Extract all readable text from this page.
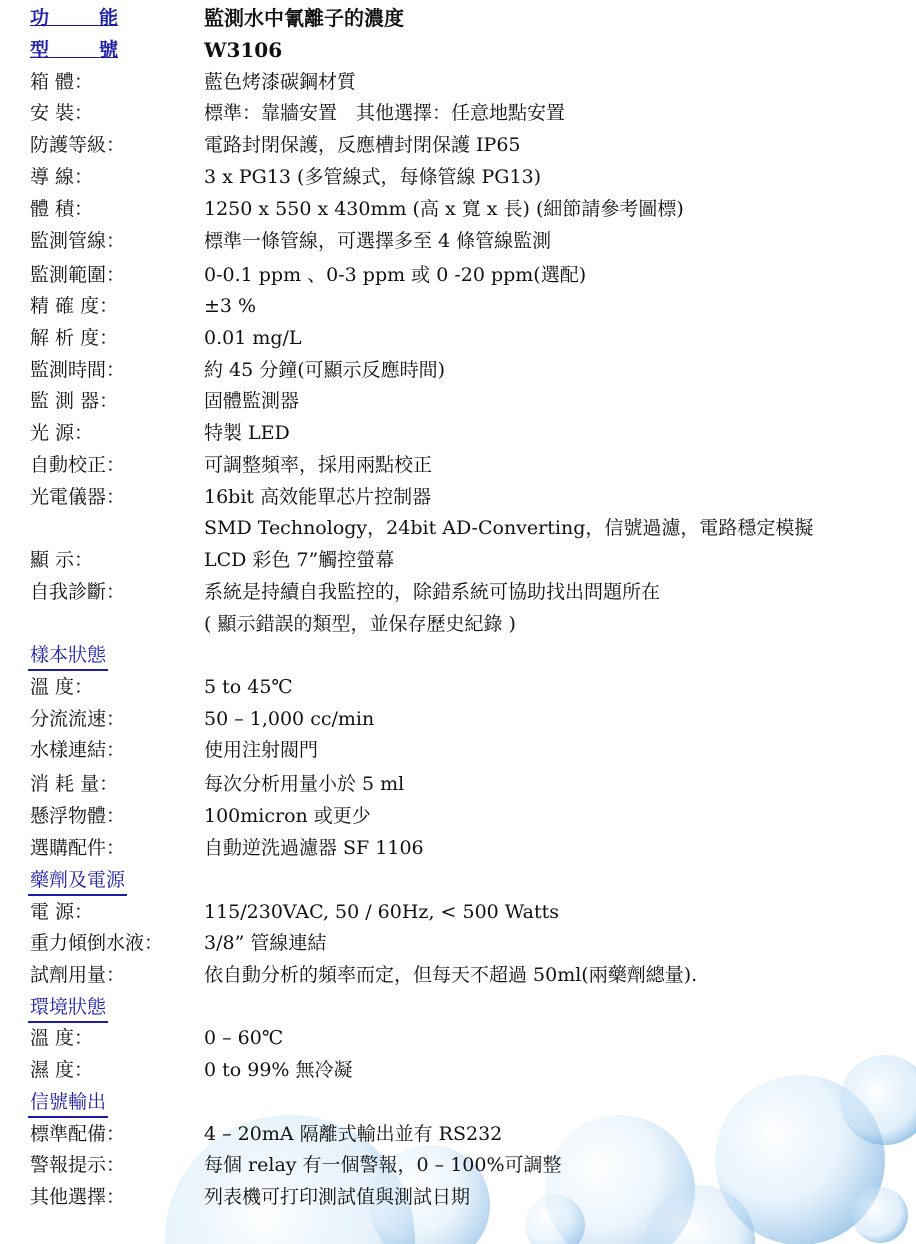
功 能	監測水中氰離子的濃度
型 號	W3106
箱 體：	藍色烤漆碳鋼材質
安 裝：	標準：靠牆安置　其他選擇：任意地點安置
防護等級：	電路封閉保護，反應槽封閉保護 IP65
導 線：	3 x PG13 (多管線式，每條管線 PG13)
體 積：	1250 x 550 x 430mm (高 x 寬 x 長) (細節請參考圖標)
監測管線：	標準一條管線，可選擇多至 4 條管線監測
監測範圍：	0-0.1 ppm 、0-3 ppm 或 0 -20 ppm(選配)
精 確 度：	±3 %
解 析 度：	0.01 mg/L
監測時間：	約 45 分鐘(可顯示反應時間)
監 測 器：	固體監測器
光 源：	特製 LED
自動校正：	可調整頻率，採用兩點校正
光電儀器：	16bit 高效能單芯片控制器
SMD Technology，24bit AD-Converting，信號過濾，電路穩定模擬
顯 示：	LCD 彩色 7”觸控螢幕
自我診斷：	系統是持續自我監控的，除錯系統可協助找出問題所在
( 顯示錯誤的類型，並保存歷史紀錄 )
樣本狀態
溫 度：	5 to 45℃
分流流速：	50 – 1,000 cc/min
水樣連結：	使用注射閥門
消 耗 量：	每次分析用量小於 5 ml
懸浮物體：	100micron 或更少
選購配件：	自動逆洗過濾器 SF 1106
藥劑及電源
電 源：	115/230VAC, 50 / 60Hz, < 500 Watts
重力傾倒水液：	3/8” 管線連結
試劑用量：	依自動分析的頻率而定，但每天不超過 50ml(兩藥劑總量).
環境狀態
溫 度：	0 – 60℃
濕 度：	0 to 99% 無冷凝
信號輸出
標準配備：	4 – 20mA 隔離式輸出並有 RS232
警報提示：	每個 relay 有一個警報，0 – 100%可調整
其他選擇：	列表機可打印測試值與測試日期
